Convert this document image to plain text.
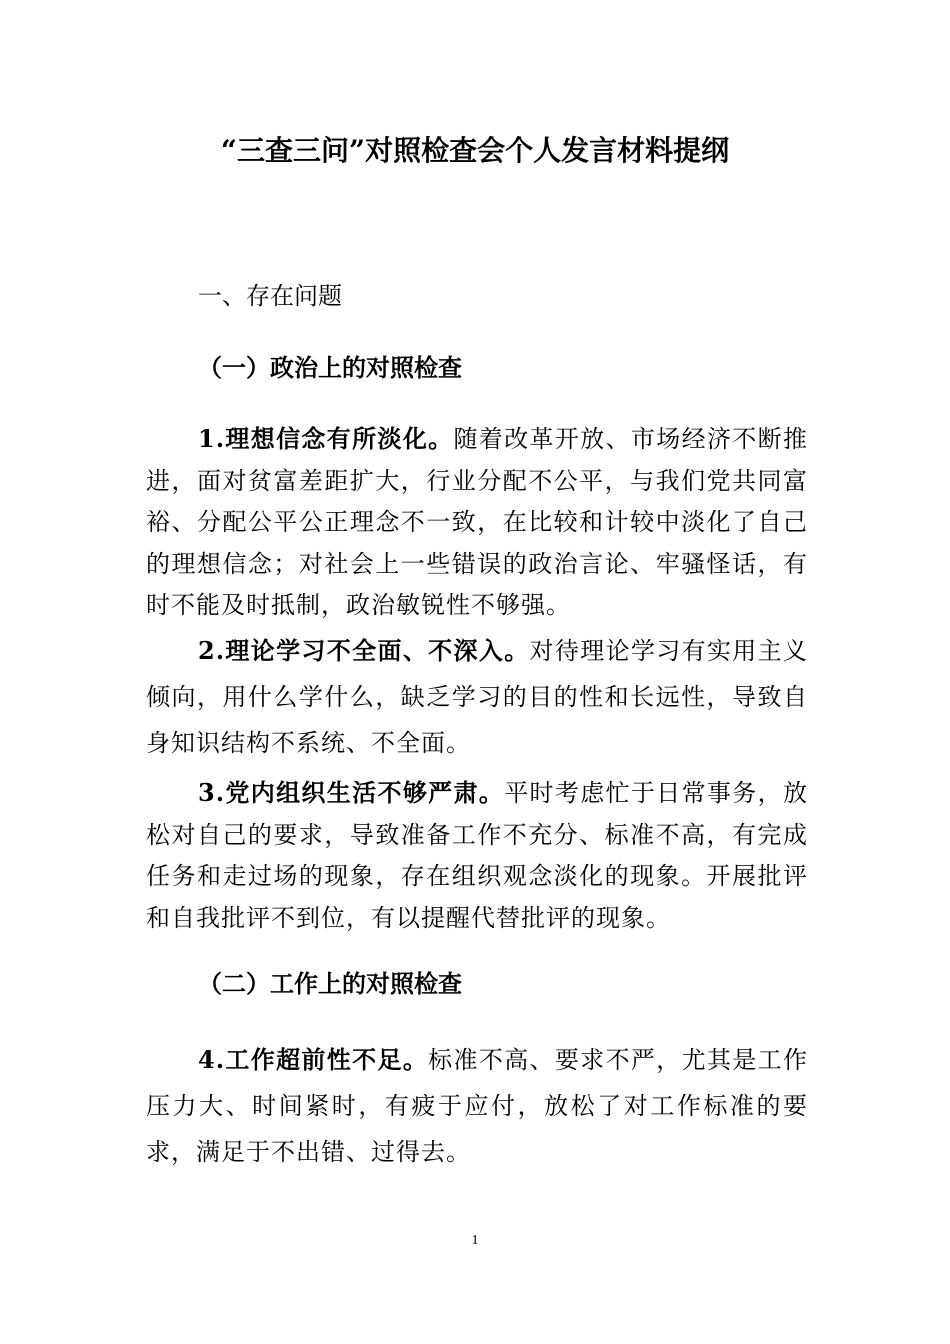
“三查三问”对照检查会个人发言材料提纲
一、存在问题
（一）政治上的对照检查
1.理想信念有所淡化。随着改革开放、市场经济不断推进，面对贫富差距扩大，行业分配不公平，与我们党共同富裕、分配公平公正理念不一致，在比较和计较中淡化了自己的理想信念；对社会上一些错误的政治言论、牢骚怪话，有时不能及时抵制，政治敏锐性不够强。
2.理论学习不全面、不深入。对待理论学习有实用主义倾向，用什么学什么，缺乏学习的目的性和长远性，导致自身知识结构不系统、不全面。
3.党内组织生活不够严肃。平时考虑忙于日常事务，放松对自己的要求，导致准备工作不充分、标准不高，有完成任务和走过场的现象，存在组织观念淡化的现象。开展批评和自我批评不到位，有以提醒代替批评的现象。
（二）工作上的对照检查
4.工作超前性不足。标准不高、要求不严，尤其是工作压力大、时间紧时，有疲于应付，放松了对工作标准的要求，满足于不出错、过得去。
1
